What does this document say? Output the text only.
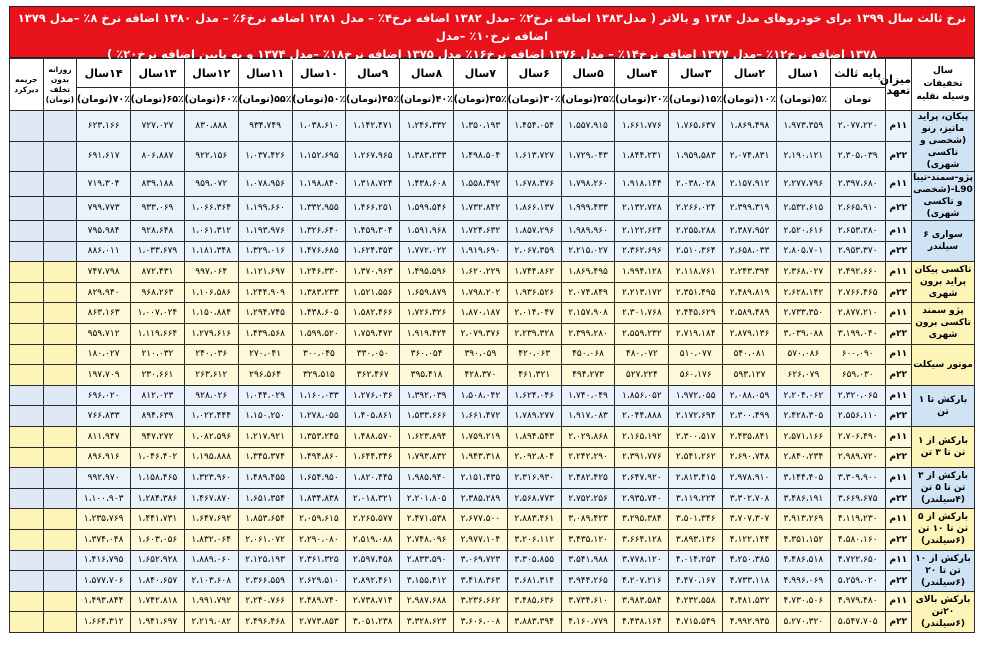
نرخ ثالث سال ۱۳۹۹ برای خودروهای مدل ۱۳۸۴ و بالاتر ( مدل۱۳۸۳ اضافه نرخ۲٪ –مدل ۱۳۸۲ اضافه نرخ۴٪ – مدل ۱۳۸۱ اضافه نرخ۶٪ – مدل ۱۳۸۰ اضافه نرخ ۸٪ –مدل ۱۳۷۹ اضافه نرخ۱۰٪ –مدل
۱۳۷۸ اضافه نرخ۱۲٪ –مدل ۱۳۷۷ اضافه نرخ۱۴٪ – مدل ۱۳۷۶ اضافه نرخ۱۶٪ مدل ۱۳۷۵ اضافه نرخ۱۸٪ –مدل ۱۳۷۴ و به پایین اضافه نرخ۲۰٪ )
سال تخفیفات
وسیله نقلیه	میزان تعهد	پایه ثالث	۱سال	۲سال	۳سال	۴سال	۵سال	۶سال	۷سال	۸سال	۹سال	۱۰سال	۱۱سال	۱۲سال	۱۳سال	۱۴سال	روزانه بدون تخلف (تومان)	جریمه دیرکرد
		تومان	۵٪(تومان)	۱۰٪(تومان)	۱۵٪(تومان)	۲۰٪(تومان)	۲۵٪(تومان)	۳۰٪(تومان)	۳۵٪(تومان)	۴۰٪(تومان)	۴۵٪(تومان)	۵۰٪(تومان)	۵۵٪(تومان)	۶۰٪(تومان)	۶۵٪(تومان)	۷۰٪(تومان)		
پیکان، پراید ماتیز، رنو (شخصی و تاکسی شهری)	۱۱م	۲،۰۷۷،۲۲۰	۱،۹۷۳،۳۵۹	۱،۸۶۹،۴۹۸	۱،۷۶۵،۶۳۷	۱،۶۶۱،۷۷۶	۱،۵۵۷،۹۱۵	۱،۴۵۴،۰۵۴	۱،۳۵۰،۱۹۳	۱،۲۴۶،۳۳۲	۱،۱۴۲،۴۷۱	۱،۰۳۸،۶۱۰	۹۳۴،۷۴۹	۸۳۰،۸۸۸	۷۲۷،۰۲۷	۶۲۳،۱۶۶		
	۲۲م	۲،۳۰۵،۰۳۹	۲،۱۹۰،۱۲۱	۲،۰۷۴،۸۳۱	۱،۹۵۹،۵۸۳	۱،۸۴۴،۲۳۱	۱،۷۲۹،۰۴۳	۱،۶۱۳،۷۲۷	۱،۴۹۸،۵۰۴	۱،۳۸۳،۲۳۳	۱،۲۶۷،۹۶۵	۱،۱۵۲،۶۹۵	۱،۰۳۷،۴۲۶	۹۲۲،۱۵۶	۸۰۶،۸۸۷	۶۹۱،۶۱۷		
پژو-سمند-تیبا L90-(شخصی و تاکسی شهری)	۱۱م	۲،۳۹۷،۶۸۰	۲،۲۷۷،۷۹۶	۲،۱۵۷،۹۱۲	۲،۰۳۸،۰۲۸	۱،۹۱۸،۱۴۴	۱،۷۹۸،۲۶۰	۱،۶۷۸،۳۷۶	۱،۵۵۸،۴۹۲	۱،۴۳۸،۶۰۸	۱،۳۱۸،۷۲۴	۱،۱۹۸،۸۴۰	۱،۰۷۸،۹۵۶	۹۵۹،۰۷۲	۸۳۹،۱۸۸	۷۱۹،۳۰۴		
	۲۲م	۲،۶۶۵،۹۱۰	۲،۵۳۲،۶۱۵	۲،۳۹۹،۳۱۹	۲،۲۶۶،۰۲۴	۲،۱۳۲،۷۲۸	۱،۹۹۹،۴۳۳	۱،۸۶۶،۱۳۷	۱،۷۳۲،۸۴۲	۱،۵۹۹،۵۴۶	۱،۴۶۶،۲۵۱	۱،۳۳۲،۹۵۵	۱،۱۹۹،۶۶۰	۱،۰۶۶،۳۶۴	۹۳۳،۰۶۹	۷۹۹،۷۷۳		
سواری ۶ سیلندر	۱۱م	۲،۶۵۳،۲۸۰	۲،۵۲۰،۶۱۶	۲،۳۸۷،۹۵۲	۲،۲۵۵،۲۸۸	۲،۱۲۲،۶۲۴	۱،۹۸۹،۹۶۰	۱،۸۵۷،۲۹۶	۱،۷۲۴،۶۳۲	۱،۵۹۱،۹۶۸	۱،۴۵۹،۳۰۴	۱،۳۲۶،۶۴۰	۱،۱۹۳،۹۷۶	۱،۰۶۱،۳۱۲	۹۲۸،۶۴۸	۷۹۵،۹۸۴		
	۲۲م	۲،۹۵۳،۳۷۰	۲،۸۰۵،۷۰۱	۲،۶۵۸،۰۳۳	۲،۵۱۰،۳۶۴	۲،۳۶۲،۶۹۶	۲،۲۱۵،۰۲۷	۲،۰۶۷،۳۵۹	۱،۹۱۹،۶۹۰	۱،۷۷۲،۰۲۲	۱،۶۲۴،۳۵۳	۱،۴۷۶،۶۸۵	۱،۳۲۹،۰۱۶	۱،۱۸۱،۳۴۸	۱،۰۳۳،۶۷۹	۸۸۶،۰۱۱		
تاکسی پیکان پراید برون شهری	۱۱م	۲،۴۹۲،۶۶۰	۲،۳۶۸،۰۲۷	۲،۲۴۳،۳۹۴	۲،۱۱۸،۷۶۱	۱،۹۹۴،۱۲۸	۱،۸۶۹،۴۹۵	۱،۷۴۴،۸۶۲	۱،۶۲۰،۲۲۹	۱،۴۹۵،۵۹۶	۱،۳۷۰،۹۶۳	۱،۲۴۶،۳۳۰	۱،۱۲۱،۶۹۷	۹۹۷،۰۶۴	۸۷۲،۴۳۱	۷۴۷،۷۹۸		
	۲۲م	۲،۷۶۶،۴۶۵	۲،۶۲۸،۱۴۲	۲،۴۸۹،۸۱۹	۲،۳۵۱،۴۹۵	۲،۲۱۳،۱۷۲	۲،۰۷۴،۸۴۹	۱،۹۳۶،۵۲۶	۱،۷۹۸،۲۰۲	۱،۶۵۹،۸۷۹	۱،۵۲۱،۵۵۶	۱،۳۸۳،۲۳۳	۱،۲۴۴،۹۰۹	۱،۱۰۶،۵۸۶	۹۶۸،۲۶۳	۸۲۹،۹۴۰		
پژو سمند تاکسی برون شهری	۱۱م	۲،۸۷۷،۲۱۰	۲،۷۳۳،۳۵۰	۲،۵۸۹،۴۸۹	۲،۴۴۵،۶۲۹	۲،۳۰۱،۷۶۸	۲،۱۵۷،۹۰۸	۲،۰۱۴،۰۴۷	۱،۸۷۰،۱۸۷	۱،۷۲۶،۳۲۶	۱،۵۸۲،۴۶۶	۱،۴۳۸،۶۰۵	۱،۲۹۴،۷۴۵	۱،۱۵۰،۸۸۴	۱،۰۰۷،۰۲۴	۸۶۳،۱۶۳		
	۲۲م	۳،۱۹۹،۰۴۰	۳،۰۳۹،۰۸۸	۲،۸۷۹،۱۳۶	۲،۷۱۹،۱۸۴	۲،۵۵۹،۲۳۲	۲،۳۹۹،۲۸۰	۲،۲۳۹،۳۲۸	۲،۰۷۹،۳۷۶	۱،۹۱۹،۴۲۴	۱،۷۵۹،۴۷۲	۱،۵۹۹،۵۲۰	۱،۴۳۹،۵۶۸	۱،۲۷۹،۶۱۶	۱،۱۱۹،۶۶۴	۹۵۹،۷۱۲		
موتور سیکلت	۱۱م	۶۰۰،۰۹۰	۵۷۰،۰۸۶	۵۴۰،۰۸۱	۵۱۰،۰۷۷	۴۸۰،۰۷۲	۴۵۰،۰۶۸	۴۲۰،۰۶۳	۳۹۰،۰۵۹	۳۶۰،۰۵۴	۳۳۰،۰۵۰	۳۰۰،۰۴۵	۲۷۰،۰۴۱	۲۴۰،۰۳۶	۲۱۰،۰۳۲	۱۸۰،۰۲۷		
	۲۲م	۶۵۹،۰۳۰	۶۲۶،۰۷۹	۵۹۳،۱۲۷	۵۶۰،۱۷۶	۵۲۷،۲۲۴	۴۹۴،۲۷۳	۴۶۱،۳۲۱	۴۲۸،۳۷۰	۳۹۵،۴۱۸	۳۶۲،۴۶۷	۳۲۹،۵۱۵	۲۹۶،۵۶۴	۲۶۳،۶۱۲	۲۳۰،۶۶۱	۱۹۷،۷۰۹		
بارکش تا ۱ تن	۱۱م	۲،۳۲۰،۰۶۵	۲،۲۰۴،۰۶۲	۲،۰۸۸،۰۵۹	۱،۹۷۲،۰۵۵	۱،۸۵۶،۰۵۲	۱،۷۴۰،۰۴۹	۱،۶۲۴،۰۴۶	۱،۵۰۸،۰۴۲	۱،۳۹۲،۰۳۹	۱،۲۷۶،۰۳۶	۱،۱۶۰،۰۳۳	۱،۰۴۴،۰۲۹	۹۲۸،۰۲۶	۸۱۲،۰۲۳	۶۹۶،۰۲۰		
	۲۲م	۲،۵۵۶،۱۱۰	۲،۴۲۸،۳۰۵	۲،۳۰۰،۴۹۹	۲،۱۷۲،۶۹۴	۲،۰۴۴،۸۸۸	۱،۹۱۷،۰۸۳	۱،۷۸۹،۲۷۷	۱،۶۶۱،۴۷۲	۱،۵۳۳،۶۶۶	۱،۴۰۵،۸۶۱	۱،۲۷۸،۰۵۵	۱،۱۵۰،۲۵۰	۱،۰۲۲،۴۴۴	۸۹۴،۶۳۹	۷۶۶،۸۳۳		
بارکش از ۱ تن تا ۳ تن	۱۱م	۲،۷۰۶،۴۹۰	۲،۵۷۱،۱۶۶	۲،۴۳۵،۸۴۱	۲،۳۰۰،۵۱۷	۲،۱۶۵،۱۹۲	۲،۰۲۹،۸۶۸	۱،۸۹۴،۵۴۳	۱،۷۵۹،۲۱۹	۱،۶۲۳،۸۹۴	۱،۴۸۸،۵۷۰	۱،۳۵۳،۲۴۵	۱،۲۱۷،۹۲۱	۱،۰۸۲،۵۹۶	۹۴۷،۲۷۲	۸۱۱،۹۴۷		
	۲۲م	۲،۹۸۹،۷۲۰	۲،۸۴۰،۲۳۴	۲،۶۹۰،۷۴۸	۲،۵۴۱،۲۶۲	۲،۳۹۱،۷۷۶	۲،۲۴۲،۲۹۰	۲،۰۹۲،۸۰۴	۱،۹۴۳،۳۱۸	۱،۷۹۳،۸۳۲	۱،۶۴۴،۳۴۶	۱،۴۹۴،۸۶۰	۱،۳۴۵،۳۷۴	۱،۱۹۵،۸۸۸	۱،۰۴۶،۴۰۲	۸۹۶،۹۱۶		
بارکش از ۳ تن تا ۵ تن (۴سیلندر)	۱۱م	۳،۳۰۹،۹۰۰	۳،۱۴۴،۴۰۵	۲،۹۷۸،۹۱۰	۲،۸۱۳،۴۱۵	۲،۶۴۷،۹۲۰	۲،۴۸۲،۴۲۵	۲،۳۱۶،۹۳۰	۲،۱۵۱،۴۳۵	۱،۹۸۵،۹۴۰	۱،۸۲۰،۴۴۵	۱،۶۵۴،۹۵۰	۱،۴۸۹،۴۵۵	۱،۳۲۳،۹۶۰	۱،۱۵۸،۴۶۵	۹۹۲،۹۷۰		
	۲۲م	۳،۶۶۹،۶۷۵	۳،۴۸۶،۱۹۱	۳،۳۰۲،۷۰۸	۳،۱۱۹،۲۲۴	۲،۹۳۵،۷۴۰	۲،۷۵۲،۲۵۶	۲،۵۶۸،۷۷۳	۲،۳۸۵،۲۸۹	۲،۲۰۱،۸۰۵	۲،۰۱۸،۳۲۱	۱،۸۳۴،۸۳۸	۱،۶۵۱،۳۵۴	۱،۴۶۷،۸۷۰	۱،۲۸۴،۳۸۶	۱،۱۰۰،۹۰۳		
بارکش از ۵ تن تا ۱۰ تن (۶سیلندر)	۱۱م	۴،۱۱۹،۲۳۰	۳،۹۱۳،۲۶۹	۳،۷۰۷،۳۰۷	۳،۵۰۱،۳۴۶	۳،۲۹۵،۳۸۴	۳،۰۸۹،۴۲۳	۲،۸۸۳،۴۶۱	۲،۶۷۷،۵۰۰	۲،۴۷۱،۵۳۸	۲،۲۶۵،۵۷۷	۲،۰۵۹،۶۱۵	۱،۸۵۳،۶۵۴	۱،۶۴۷،۶۹۲	۱،۴۴۱،۷۳۱	۱،۲۳۵،۷۶۹		
	۲۲م	۴،۵۸۰،۱۶۰	۴،۳۵۱،۱۵۲	۴،۱۲۲،۱۴۴	۳،۸۹۳،۱۳۶	۳،۶۶۴،۱۲۸	۳،۴۳۵،۱۲۰	۳،۲۰۶،۱۱۲	۲،۹۷۷،۱۰۴	۲،۷۴۸،۰۹۶	۲،۵۱۹،۰۸۸	۲،۲۹۰،۰۸۰	۲،۰۶۱،۰۷۲	۱،۸۳۲،۰۶۴	۱،۶۰۳،۰۵۶	۱،۳۷۴،۰۴۸		
بارکش از ۱۰ تن تا ۲۰ (۶سیلندر)	۱۱م	۴،۷۲۲،۶۵۰	۴،۴۸۶،۵۱۸	۴،۲۵۰،۳۸۵	۴،۰۱۴،۲۵۳	۳،۷۷۸،۱۲۰	۳،۵۴۱،۹۸۸	۳،۳۰۵،۸۵۵	۳،۰۶۹،۷۲۳	۲،۸۳۳،۵۹۰	۲،۵۹۷،۴۵۸	۲،۳۶۱،۳۲۵	۲،۱۲۵،۱۹۳	۱،۸۸۹،۰۶۰	۱،۶۵۲،۹۲۸	۱،۴۱۶،۷۹۵		
	۲۲م	۵،۲۵۹،۰۲۰	۴،۹۹۶،۰۶۹	۴،۷۳۳،۱۱۸	۴،۴۷۰،۱۶۷	۴،۲۰۷،۲۱۶	۳،۹۴۴،۲۶۵	۳،۶۸۱،۳۱۴	۳،۴۱۸،۳۶۳	۳،۱۵۵،۴۱۲	۲،۸۹۲،۴۶۱	۲،۶۲۹،۵۱۰	۲،۳۶۶،۵۵۹	۲،۱۰۳،۶۰۸	۱،۸۴۰،۶۵۷	۱،۵۷۷،۷۰۶		
بارکش بالای ۲۰تن (۶سیلندر)	۱۱م	۴،۹۷۹،۴۸۰	۴،۷۳۰،۵۰۶	۴،۴۸۱،۵۳۲	۴،۲۳۲،۵۵۸	۳،۹۸۳،۵۸۴	۳،۷۳۴،۶۱۰	۳،۴۸۵،۶۳۶	۳،۲۳۶،۶۶۲	۲،۹۸۷،۶۸۸	۲،۷۳۸،۷۱۴	۲،۴۸۹،۷۴۰	۲،۲۴۰،۷۶۶	۱،۹۹۱،۷۹۲	۱،۷۴۲،۸۱۸	۱،۴۹۳،۸۴۴		
	۲۲م	۵،۵۴۷،۷۰۵	۵،۲۷۰،۳۲۰	۴،۹۹۲،۹۳۵	۴،۷۱۵،۵۴۹	۴،۴۳۸،۱۶۴	۴،۱۶۰،۷۷۹	۳،۸۸۳،۳۹۴	۳،۶۰۶،۰۰۸	۳،۳۲۸،۶۲۳	۳،۰۵۱،۲۳۸	۲،۷۷۳،۸۵۳	۲،۴۹۶،۴۶۸	۲،۲۱۹،۰۸۲	۱،۹۴۱،۶۹۷	۱،۶۶۴،۳۱۲		
